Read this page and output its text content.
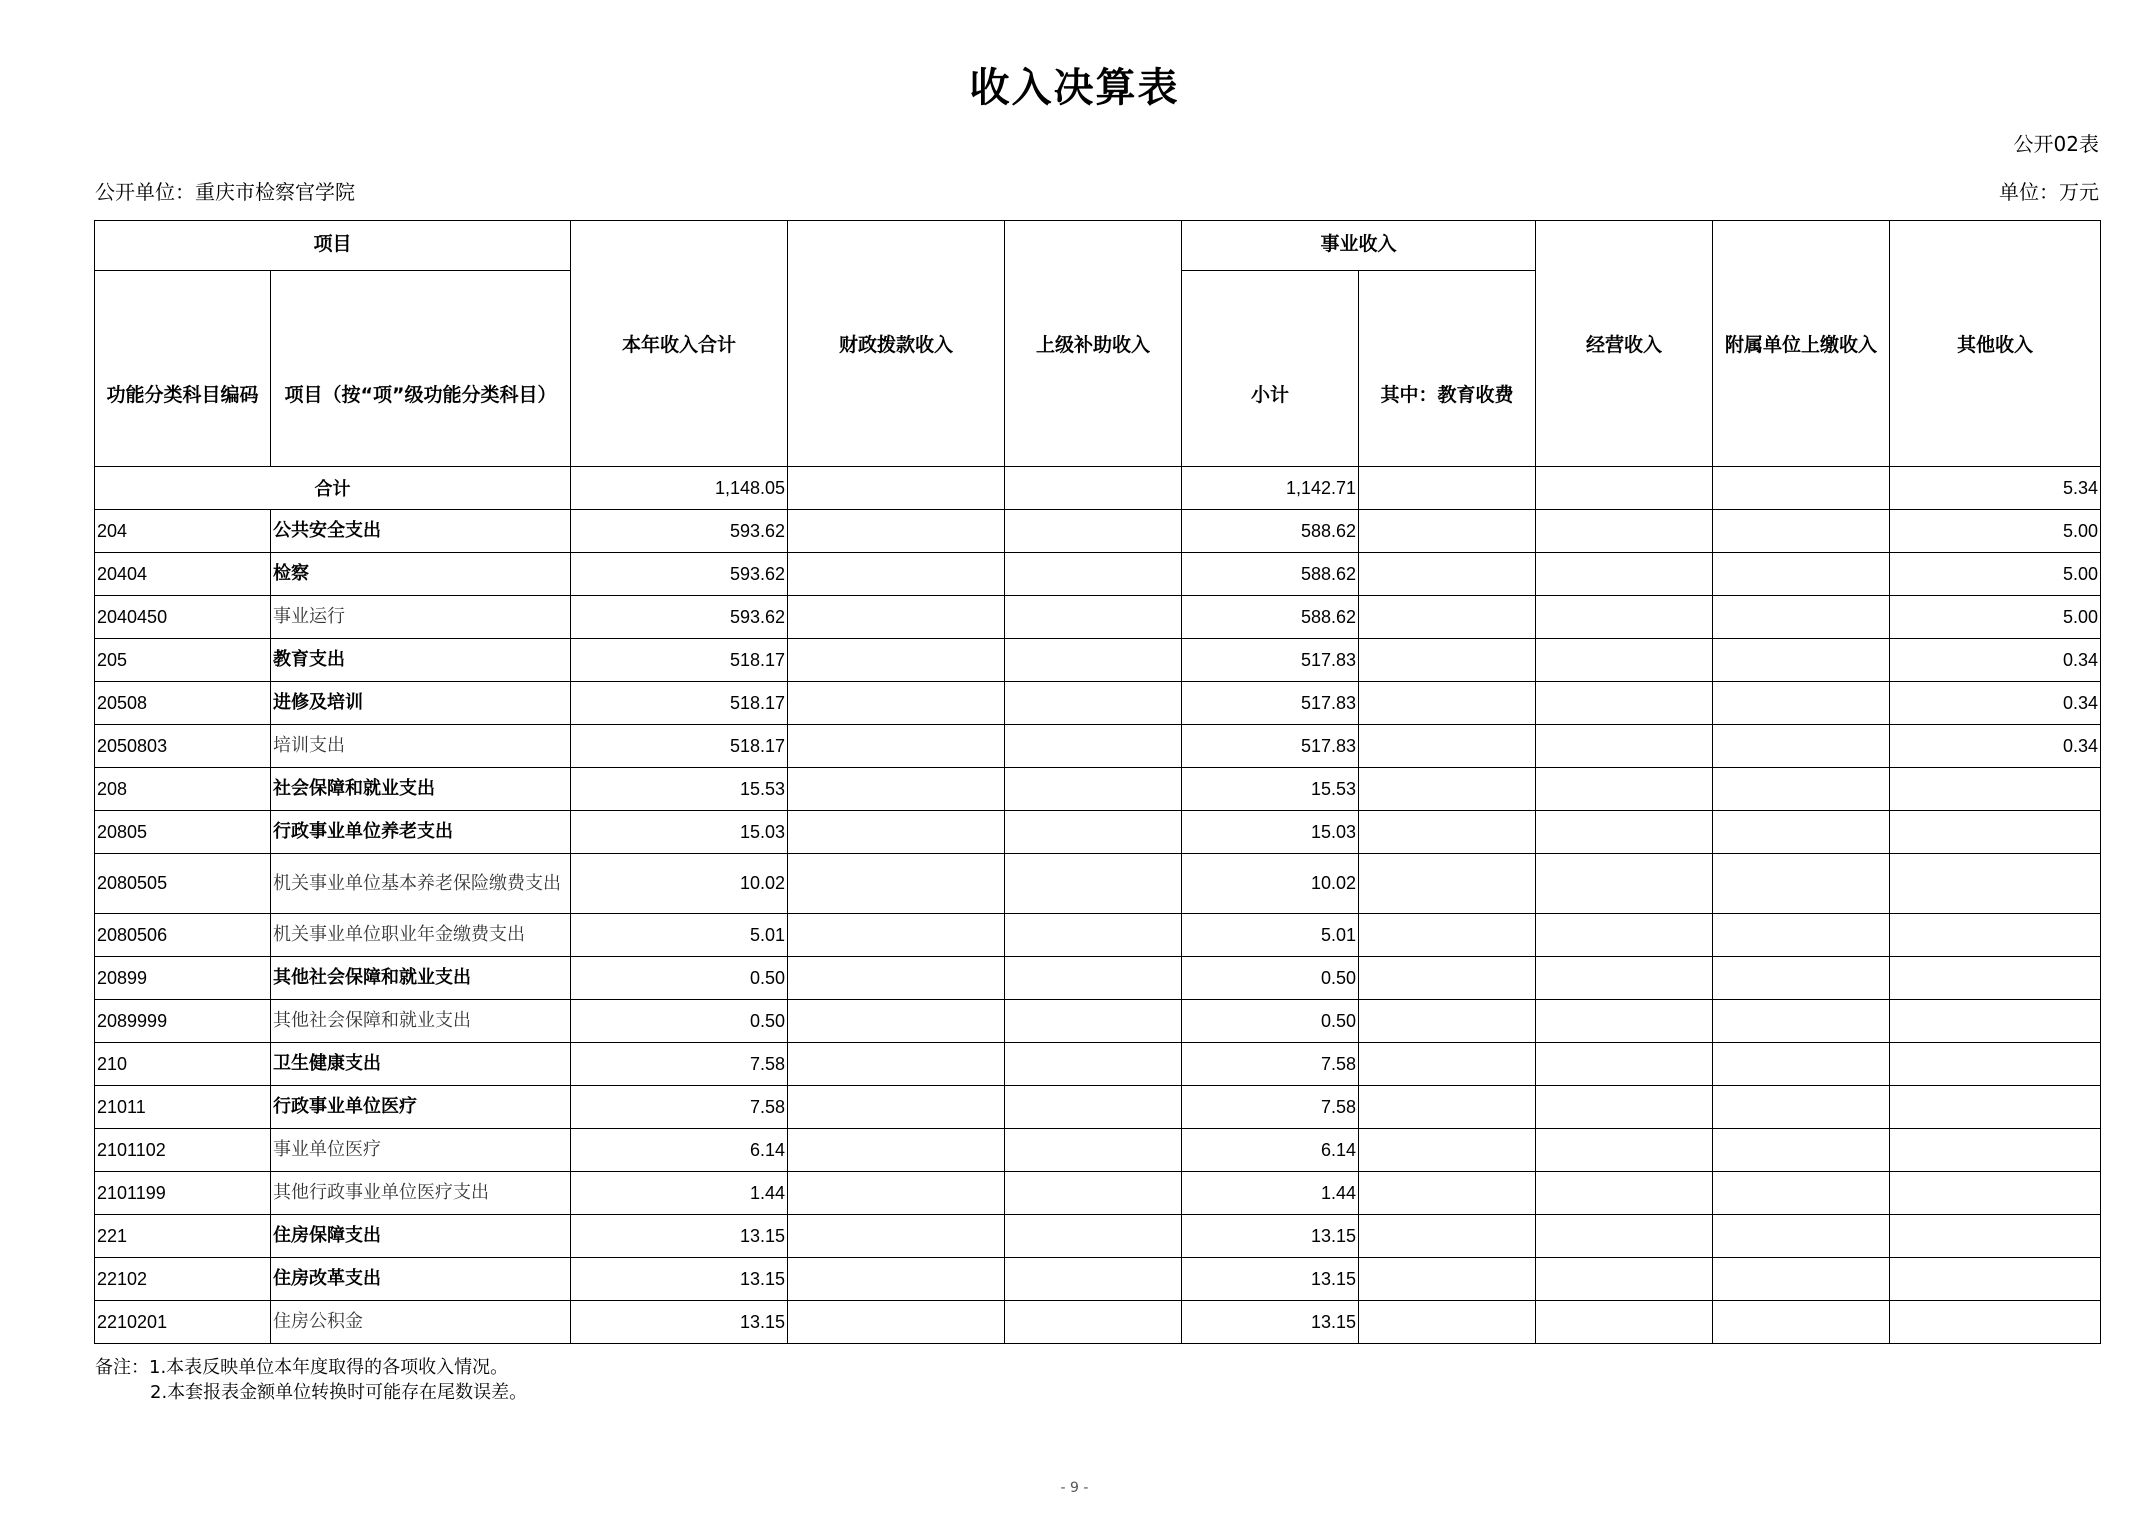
收入决算表
公开02表
公开单位：重庆市检察官学院	单位：万元
项目		本年收入合计	财政拨款收入	上级补助收入	事业收入		经营收入	附属单位上缴收入	其他收入
功能分类科目编码	项目（按“项”级功能分类科目）				小计	其中：教育收费			
合计		1,148.05			1,142.71				5.34
204	公共安全支出	593.62			588.62				5.00
20404	检察	593.62			588.62				5.00
2040450	事业运行	593.62			588.62				5.00
205	教育支出	518.17			517.83				0.34
20508	进修及培训	518.17			517.83				0.34
2050803	培训支出	518.17			517.83				0.34
208	社会保障和就业支出	15.53			15.53				
20805	行政事业单位养老支出	15.03			15.03				
2080505	机关事业单位基本养老保险缴费支出	10.02			10.02				
2080506	机关事业单位职业年金缴费支出	5.01			5.01				
20899	其他社会保障和就业支出	0.50			0.50				
2089999	其他社会保障和就业支出	0.50			0.50				
210	卫生健康支出	7.58			7.58				
21011	行政事业单位医疗	7.58			7.58				
2101102	事业单位医疗	6.14			6.14				
2101199	其他行政事业单位医疗支出	1.44			1.44				
221	住房保障支出	13.15			13.15				
22102	住房改革支出	13.15			13.15				
2210201	住房公积金	13.15			13.15				
备注：1.本表反映单位本年度取得的各项收入情况。
2.本套报表金额单位转换时可能存在尾数误差。
- 9 -
